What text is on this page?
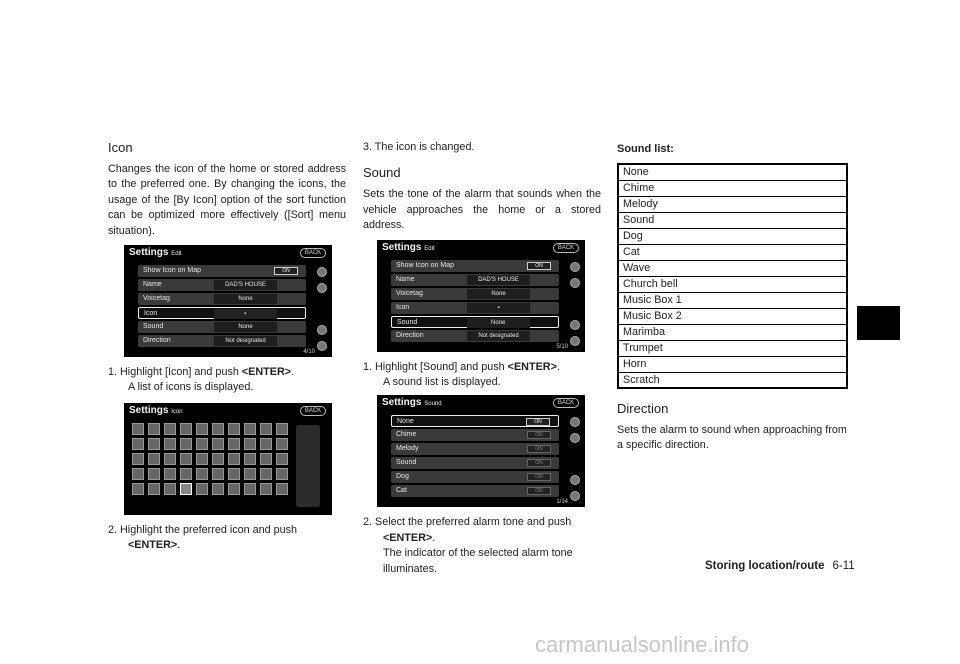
Icon

Changes the icon of the home or stored address to the preferred one. By changing the icons, the usage of the [By Icon] option of the sort function can be optimized more effectively ([Sort] menu situation).

Settings Edit	BACK
Show Icon on Map	ON
Name	DAD'S HOUSE
Voicetag	None
Icon	▪
Sound	None
Direction	Not designated
4/10

1. Highlight [Icon] and push <ENTER>.

A list of icons is displayed.

Settings Icon	BACK

2. Highlight the preferred icon and push <ENTER>.

3. The icon is changed.

Sound

Sets the tone of the alarm that sounds when the vehicle approaches the home or a stored address.

Settings Edit	BACK
Show Icon on Map	ON
Name	DAD'S HOUSE
Voicetag	None
Icon	▪
Sound	None
Direction	Not designated
5/10

1. Highlight [Sound] and push <ENTER>.

A sound list is displayed.

Settings Sound	BACK
None	ON
Chime	ON
Melody	ON
Sound	ON
Dog	ON
Cat	ON
1/14

2. Select the preferred alarm tone and push <ENTER>.

The indicator of the selected alarm tone illuminates.

Sound list:

None
Chime
Melody
Sound
Dog
Cat
Wave
Church bell
Music Box 1
Music Box 2
Marimba
Trumpet
Horn
Scratch
Direction

Sets the alarm to sound when approaching from a specific direction.

Storing location/route 6-11
carmanualsonline.info
